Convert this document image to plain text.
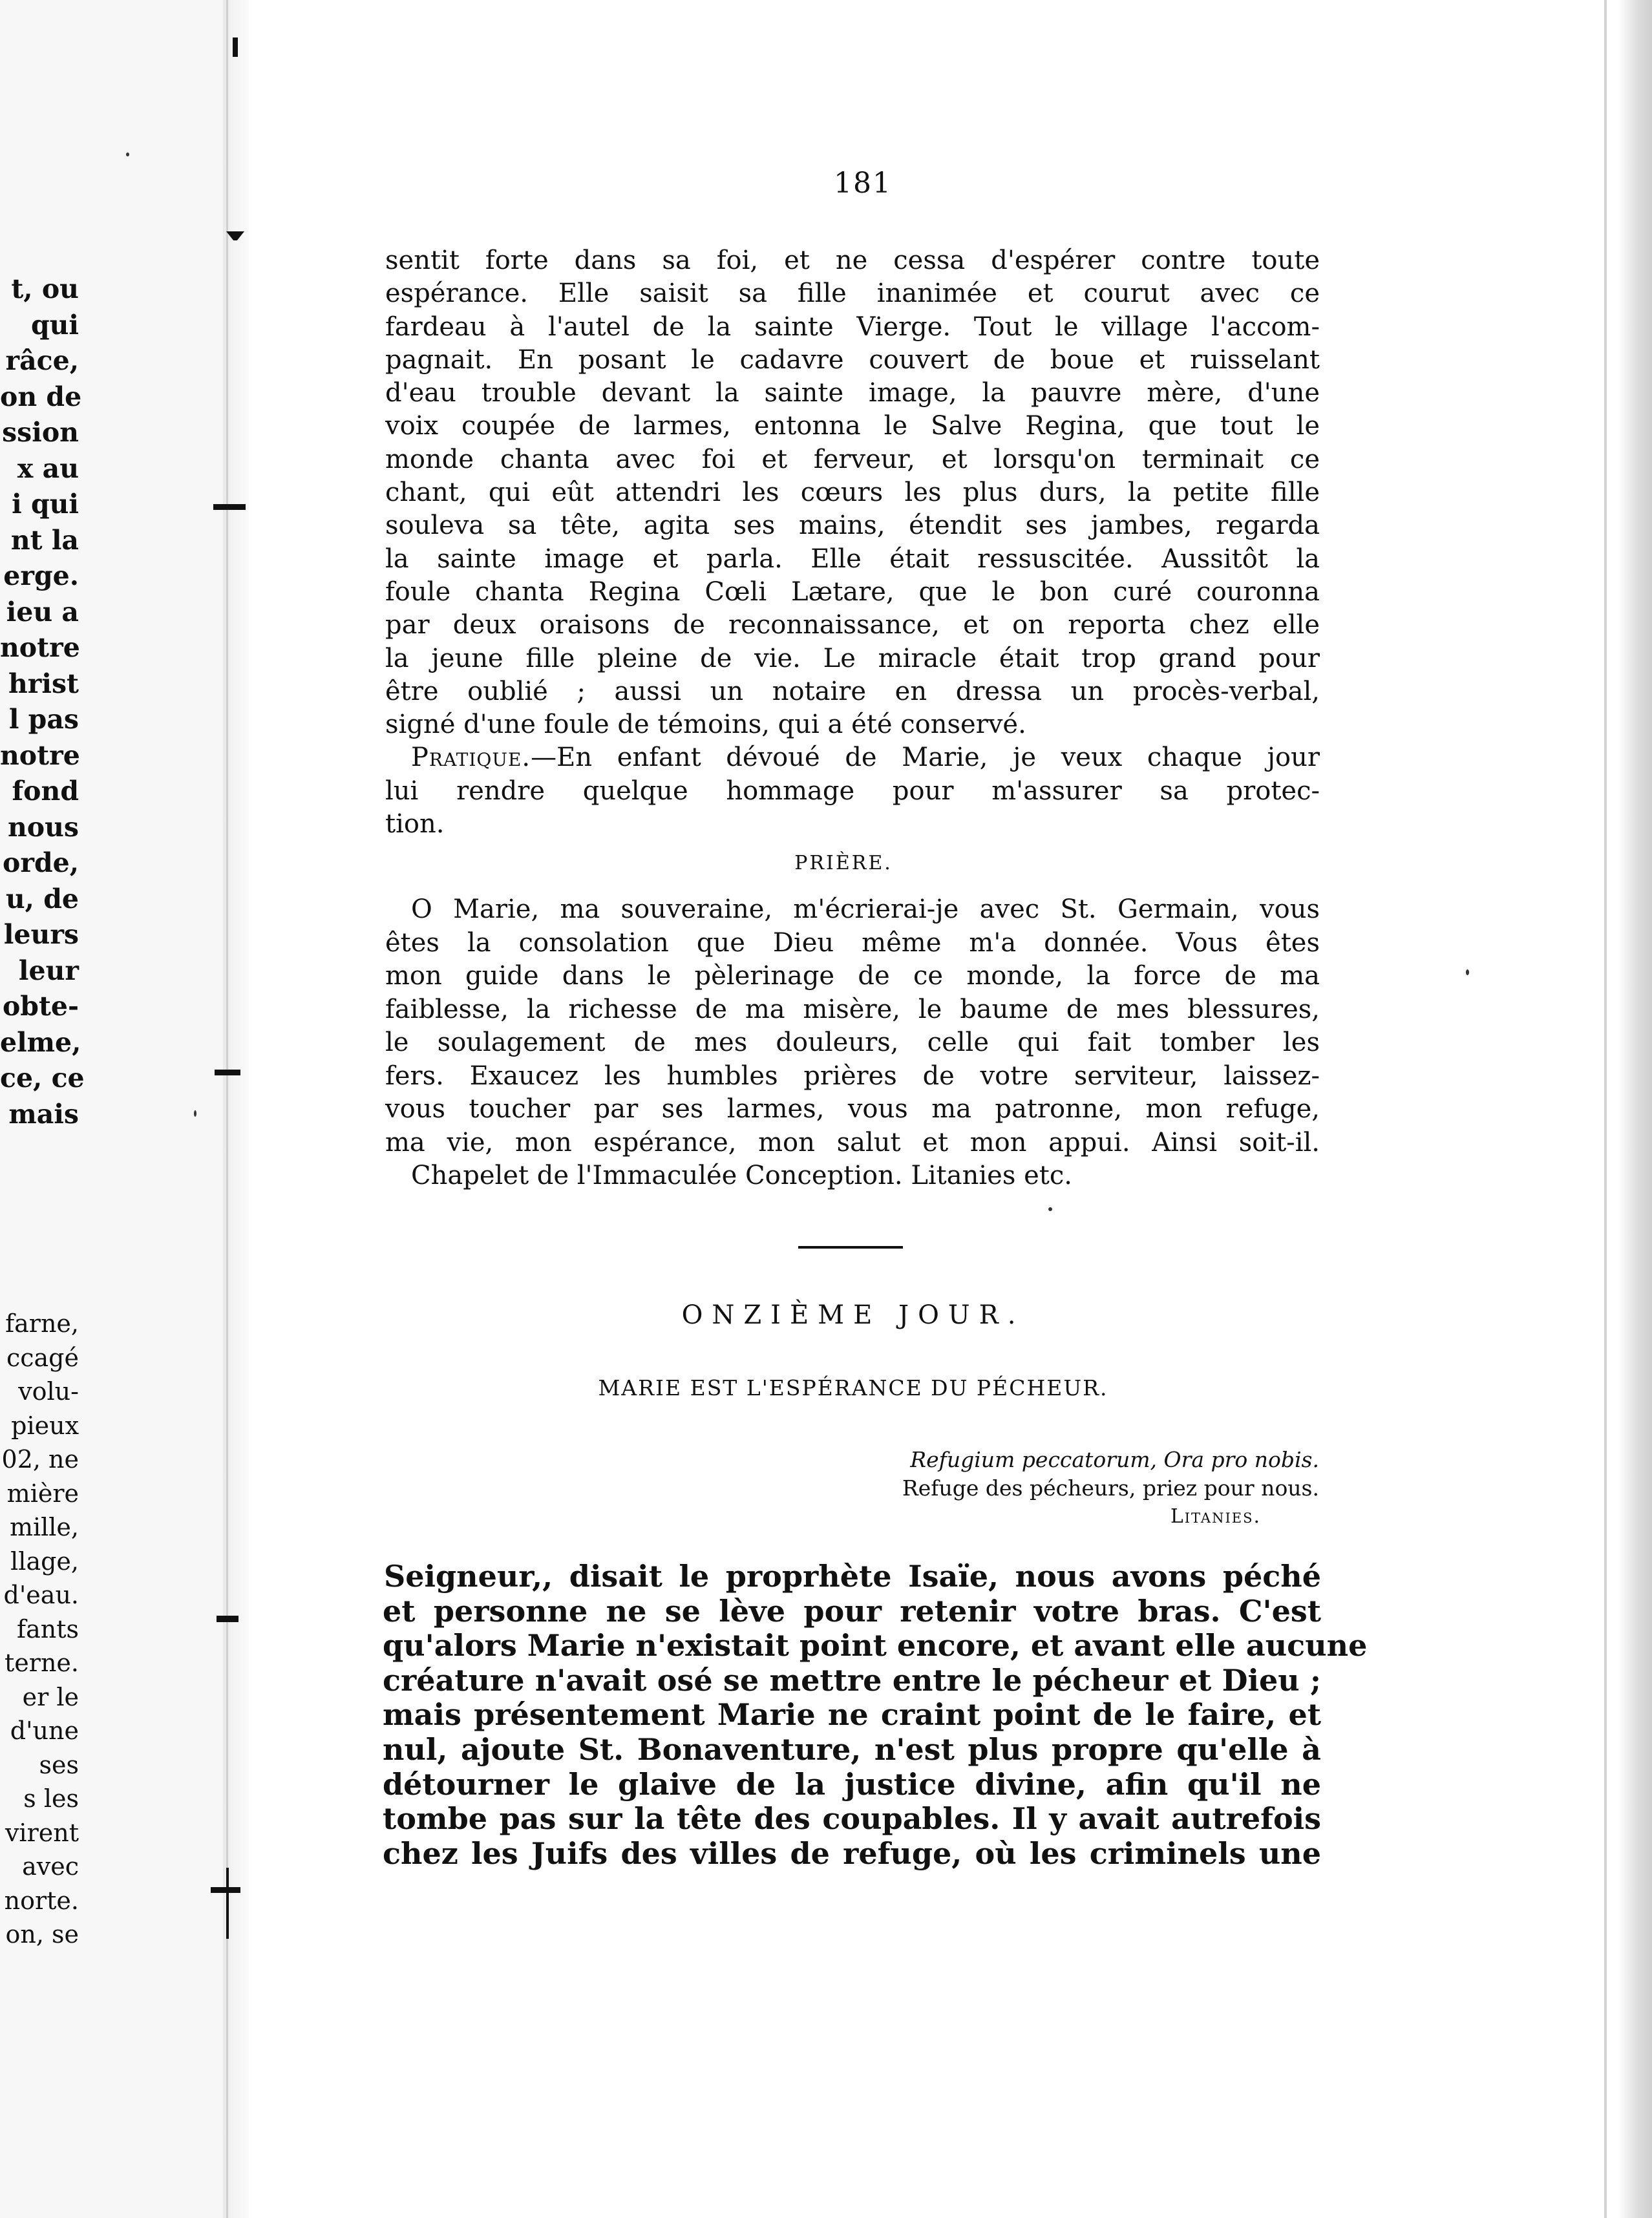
t, ou
qui
râce,
on de
ssion
x au
i qui
nt la
erge.
ieu a
notre
hrist
l pas
notre
fond
nous
orde,
u, de
leurs
leur
obte-
elme,
ce, ce
mais
farne,
ccagé
volu-
pieux
02, ne
mière
mille,
llage,
d'eau.
fants
terne.
er le
d'une
ses
s les
virent
avec
norte.
on, se
181
sentit forte dans sa foi, et ne cessa d'espérer contre toute
espérance. Elle saisit sa fille inanimée et courut avec ce
fardeau à l'autel de la sainte Vierge. Tout le village l'accom-
pagnait. En posant le cadavre couvert de boue et ruisselant
d'eau trouble devant la sainte image, la pauvre mère, d'une
voix coupée de larmes, entonna le Salve Regina, que tout le
monde chanta avec foi et ferveur, et lorsqu'on terminait ce
chant, qui eût attendri les cœurs les plus durs, la petite fille
souleva sa tête, agita ses mains, étendit ses jambes, regarda
la sainte image et parla. Elle était ressuscitée. Aussitôt la
foule chanta Regina Cœli Lætare, que le bon curé couronna
par deux oraisons de reconnaissance, et on reporta chez elle
la jeune fille pleine de vie. Le miracle était trop grand pour
être oublié ; aussi un notaire en dressa un procès-verbal,
signé d'une foule de témoins, qui a été conservé.
Pratique.—En enfant dévoué de Marie, je veux chaque jour
lui rendre quelque hommage pour m'assurer sa protec-
tion.
PRIÈRE.
O Marie, ma souveraine, m'écrierai-je avec St. Germain, vous
êtes la consolation que Dieu même m'a donnée. Vous êtes
mon guide dans le pèlerinage de ce monde, la force de ma
faiblesse, la richesse de ma misère, le baume de mes blessures,
le soulagement de mes douleurs, celle qui fait tomber les
fers. Exaucez les humbles prières de votre serviteur, laissez-
vous toucher par ses larmes, vous ma patronne, mon refuge,
ma vie, mon espérance, mon salut et mon appui. Ainsi soit-il.
Chapelet de l'Immaculée Conception. Litanies etc.
ONZIÈME JOUR.
MARIE EST L'ESPÉRANCE DU PÉCHEUR.
Refugium peccatorum, Ora pro nobis.
Refuge des pécheurs, priez pour nous.
Litanies.
Seigneur,, disait le proprhète Isaïe, nous avons péché
et personne ne se lève pour retenir votre bras. C'est
qu'alors Marie n'existait point encore, et avant elle aucune
créature n'avait osé se mettre entre le pécheur et Dieu ;
mais présentement Marie ne craint point de le faire, et
nul, ajoute St. Bonaventure, n'est plus propre qu'elle à
détourner le glaive de la justice divine, afin qu'il ne
tombe pas sur la tête des coupables. Il y avait autrefois
chez les Juifs des villes de refuge, où les criminels une
